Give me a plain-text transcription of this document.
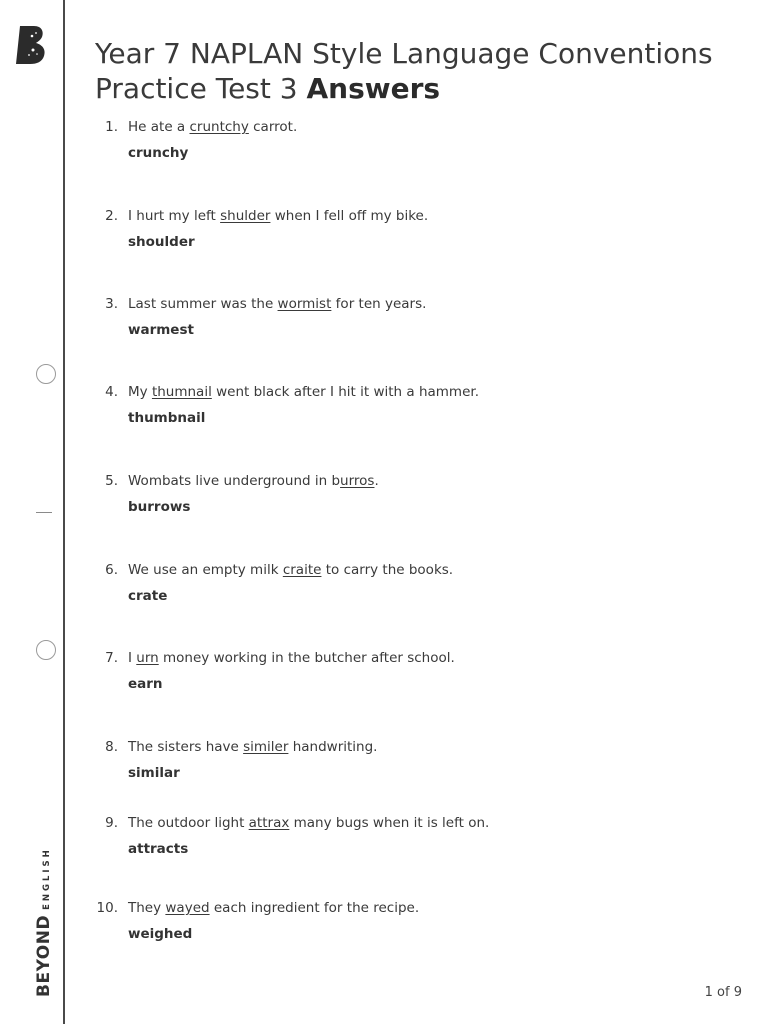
BEYONDENGLISH
Year 7 NAPLAN Style Language Conventions
Practice Test 3 Answers
1. He ate a cruntchy carrot.
crunchy
2. I hurt my left shulder when I fell off my bike.
shoulder
3. Last summer was the wormist for ten years.
warmest
4. My thumnail went black after I hit it with a hammer.
thumbnail
5. Wombats live underground in burros.
burrows
6. We use an empty milk craite to carry the books.
crate
7. I urn money working in the butcher after school.
earn
8. The sisters have similer handwriting.
similar
9. The outdoor light attrax many bugs when it is left on.
attracts
10. They wayed each ingredient for the recipe.
weighed
1 of 9
